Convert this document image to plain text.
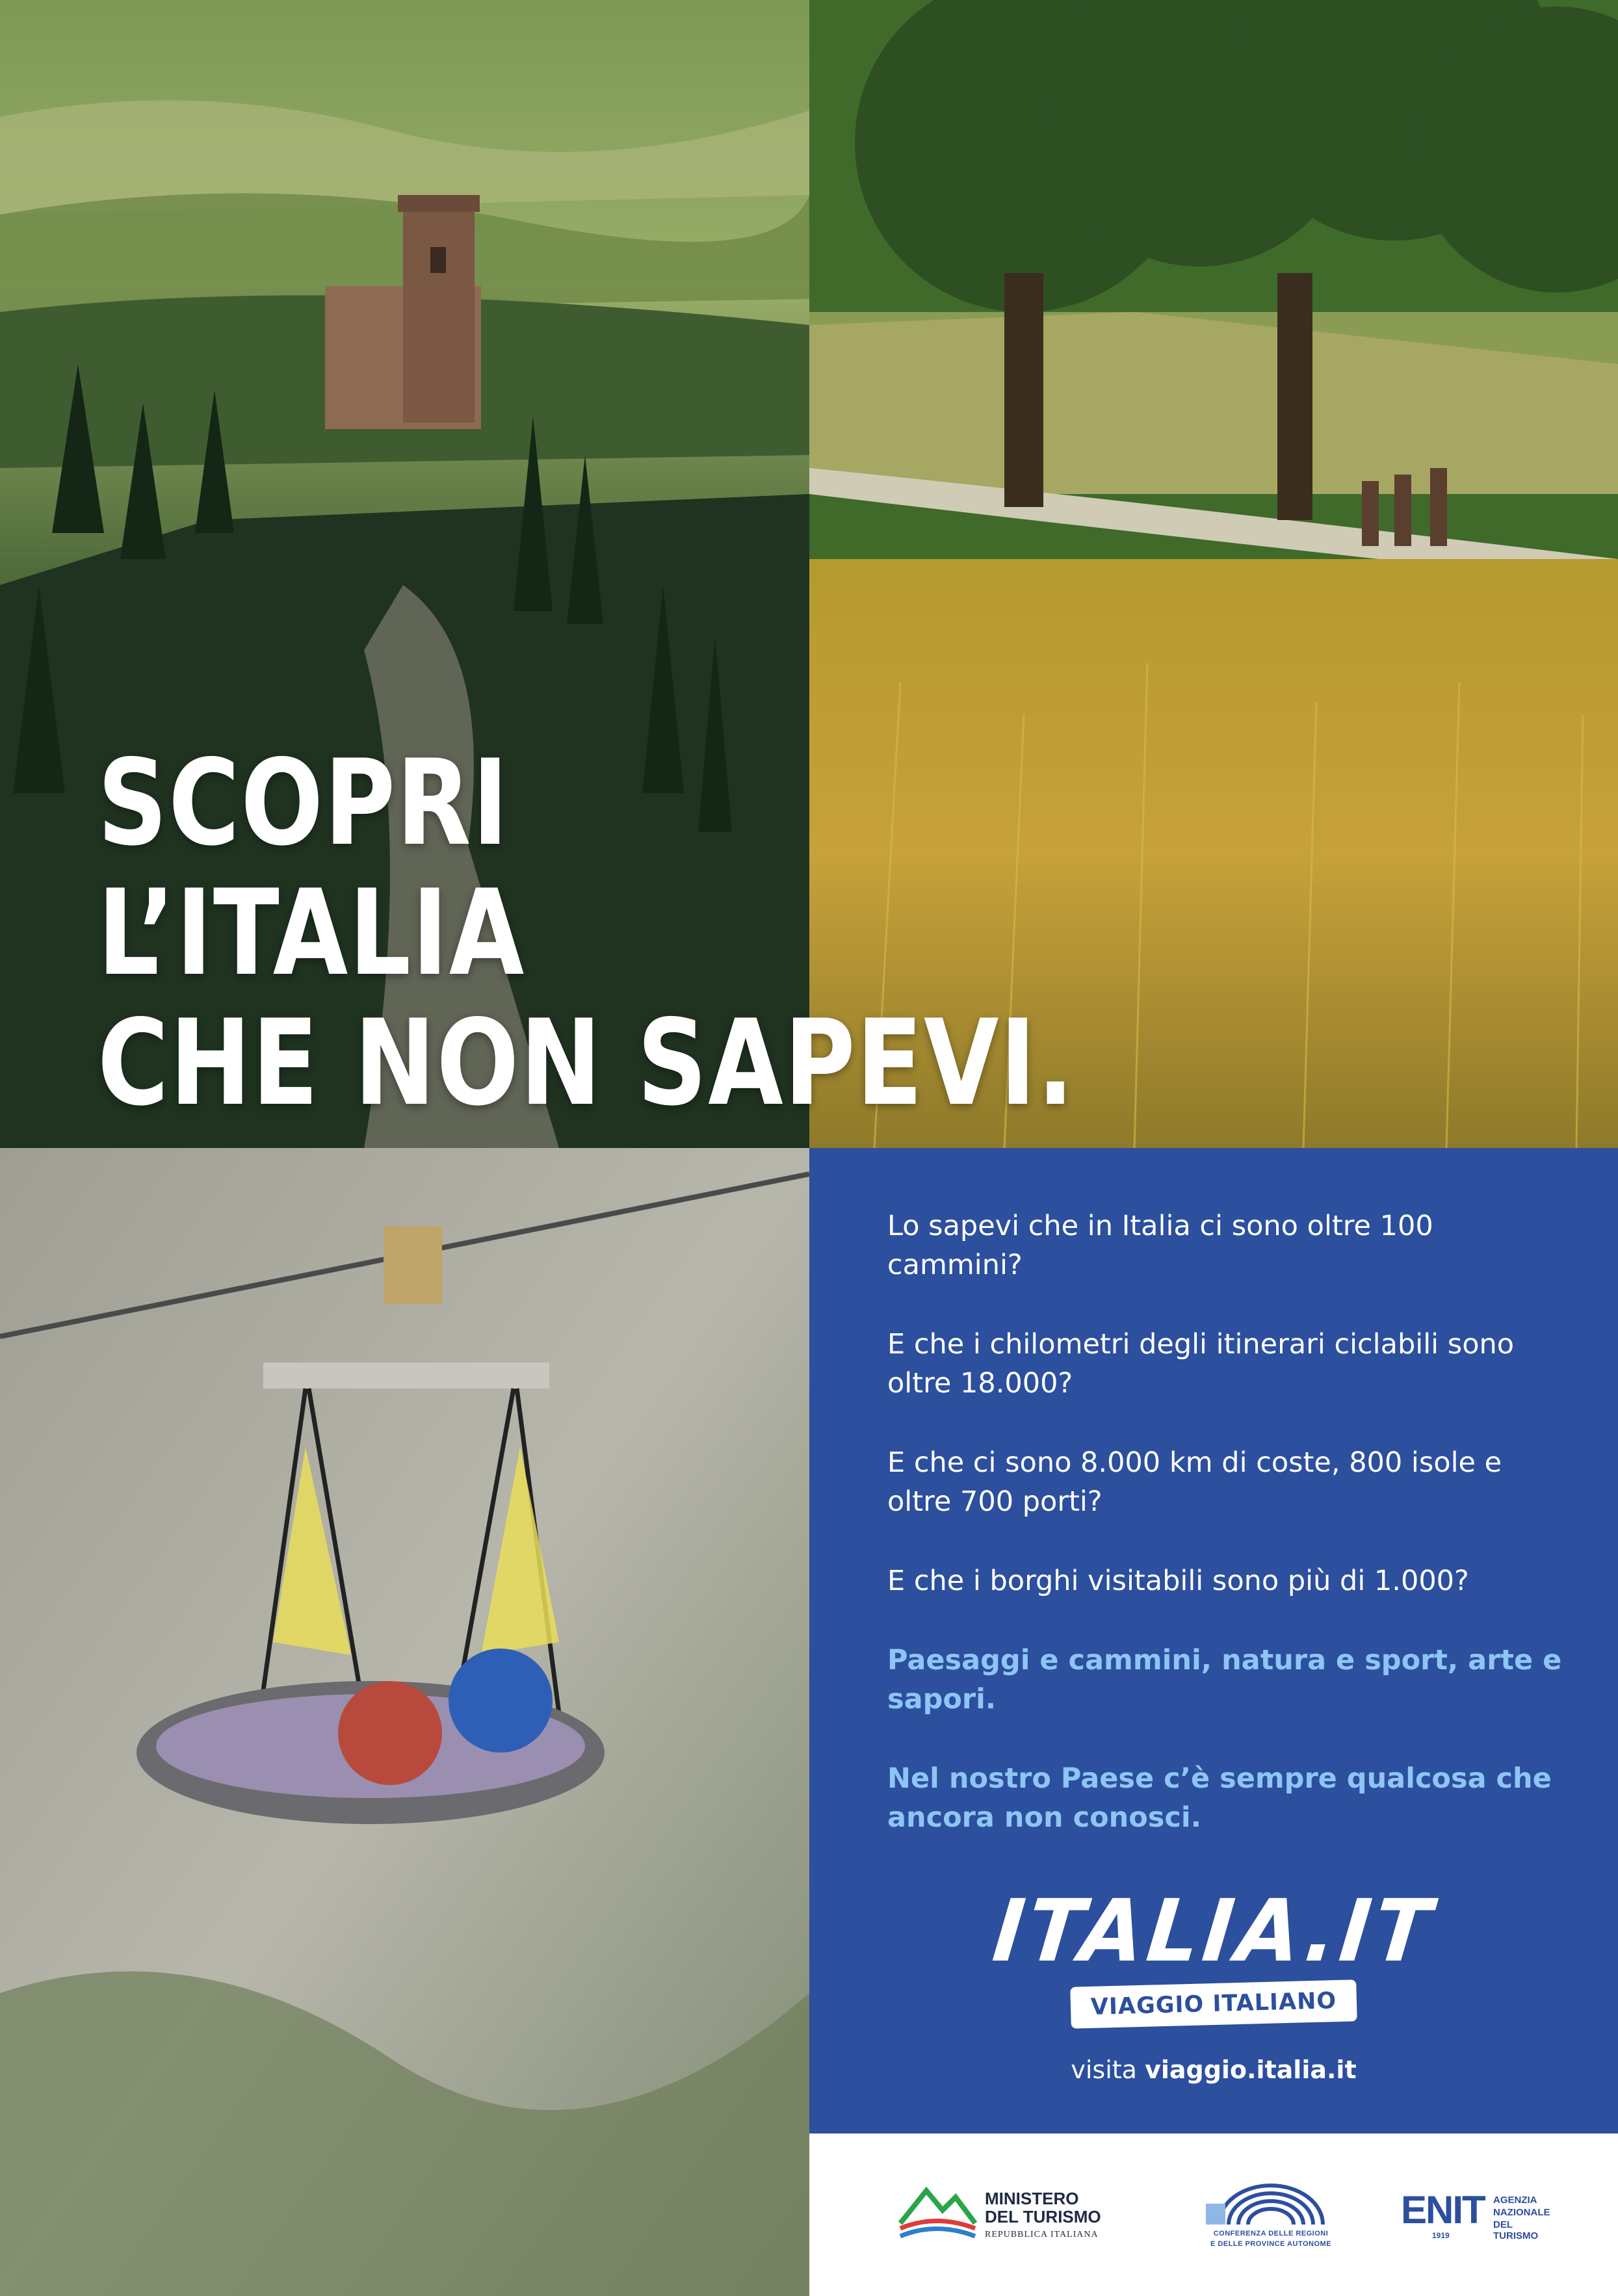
SCOPRI
L’ITALIA
CHE NON SAPEVI.

Lo sapevi che in Italia ci sono oltre 100 cammini?

E che i chilometri degli itinerari ciclabili sono oltre 18.000?

E che ci sono 8.000 km di coste, 800 isole e oltre 700 porti?

E che i borghi visitabili sono più di 1.000?

Paesaggi e cammini, natura e sport, arte e sapori.

Nel nostro Paese c’è sempre qualcosa che ancora non conosci.

ITALIA.IT
VIAGGIO ITALIANO
visita viaggio.italia.it
MINISTERO
DEL TURISMO
REPUBBLICA ITALIANA	CONFERENZA DELLE REGIONI
E DELLE PROVINCE AUTONOME
ENIT
1919
AGENZIA
NAZIONALE
DEL TURISMO
